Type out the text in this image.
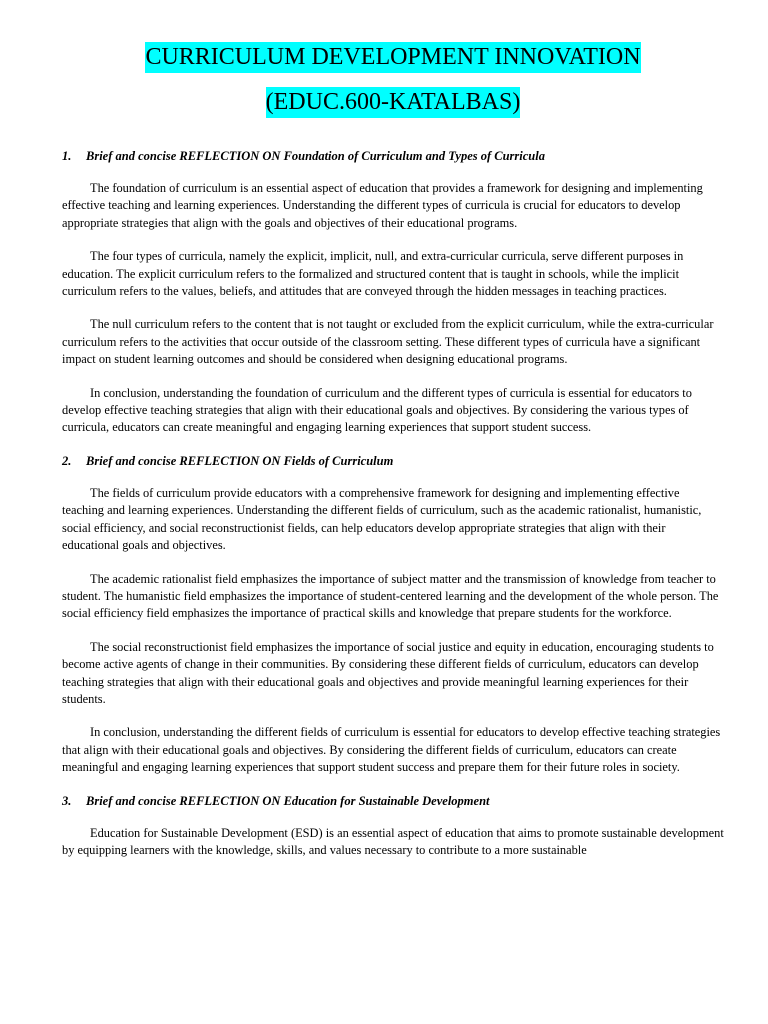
CURRICULUM DEVELOPMENT INNOVATION
(EDUC.600-KATALBAS)
1.	Brief and concise REFLECTION ON Foundation of Curriculum and Types of Curricula

The foundation of curriculum is an essential aspect of education that provides a framework for designing and implementing effective teaching and learning experiences. Understanding the different types of curricula is crucial for educators to develop appropriate strategies that align with the goals and objectives of their educational programs.

The four types of curricula, namely the explicit, implicit, null, and extra-curricular curricula, serve different purposes in education. The explicit curriculum refers to the formalized and structured content that is taught in schools, while the implicit curriculum refers to the values, beliefs, and attitudes that are conveyed through the hidden messages in teaching practices.

The null curriculum refers to the content that is not taught or excluded from the explicit curriculum, while the extra-curricular curriculum refers to the activities that occur outside of the classroom setting. These different types of curricula have a significant impact on student learning outcomes and should be considered when designing educational programs.

In conclusion, understanding the foundation of curriculum and the different types of curricula is essential for educators to develop effective teaching strategies that align with their educational goals and objectives. By considering the various types of curricula, educators can create meaningful and engaging learning experiences that support student success.

2.	Brief and concise REFLECTION ON Fields of Curriculum

The fields of curriculum provide educators with a comprehensive framework for designing and implementing effective teaching and learning experiences. Understanding the different fields of curriculum, such as the academic rationalist, humanistic, social efficiency, and social reconstructionist fields, can help educators develop appropriate strategies that align with their educational goals and objectives.

The academic rationalist field emphasizes the importance of subject matter and the transmission of knowledge from teacher to student. The humanistic field emphasizes the importance of student-centered learning and the development of the whole person. The social efficiency field emphasizes the importance of practical skills and knowledge that prepare students for the workforce.

The social reconstructionist field emphasizes the importance of social justice and equity in education, encouraging students to become active agents of change in their communities. By considering these different fields of curriculum, educators can develop teaching strategies that align with their educational goals and objectives and provide meaningful learning experiences for their students.

In conclusion, understanding the different fields of curriculum is essential for educators to develop effective teaching strategies that align with their educational goals and objectives. By considering the different fields of curriculum, educators can create meaningful and engaging learning experiences that support student success and prepare them for their future roles in society.

3.	Brief and concise REFLECTION ON Education for Sustainable Development

Education for Sustainable Development (ESD) is an essential aspect of education that aims to promote sustainable development by equipping learners with the knowledge, skills, and values necessary to contribute to a more sustainable
